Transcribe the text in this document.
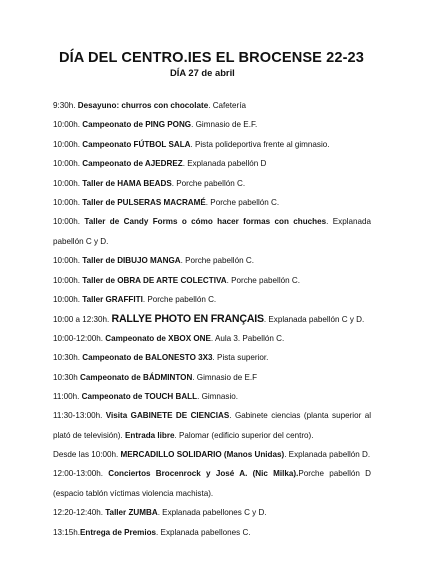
DÍA DEL CENTRO.IES EL BROCENSE 22-23
DÍA 27 de abril

9:30h. Desayuno: churros con chocolate. Cafetería

10:00h. Campeonato de PING PONG. Gimnasio de E.F.

10:00h. Campeonato FÚTBOL SALA. Pista polideportiva frente al gimnasio.

10:00h. Campeonato de AJEDREZ. Explanada pabellón D

10:00h. Taller de HAMA BEADS. Porche pabellón C.

10:00h. Taller de PULSERAS MACRAMÉ. Porche pabellón C.

10:00h. Taller de Candy Forms o cómo hacer formas con chuches. Explanada pabellón C y D.

10:00h. Taller de DIBUJO MANGA. Porche pabellón C.

10:00h. Taller de OBRA DE ARTE COLECTIVA. Porche pabellón C.

10:00h. Taller GRAFFITI. Porche pabellón C.

10:00 a 12:30h. RALLYE PHOTO EN FRANÇAIS. Explanada pabellón C y D.

10:00-12:00h. Campeonato de XBOX ONE. Aula 3. Pabellón C.

10:30h. Campeonato de BALONESTO 3X3. Pista superior.

10:30h Campeonato de BÁDMINTON. Gimnasio de E.F

11:00h. Campeonato de TOUCH BALL. Gimnasio.

11:30-13:00h. Visita GABINETE DE CIENCIAS. Gabinete ciencias (planta superior al plató de televisión). Entrada libre. Palomar (edificio superior del centro).

Desde las 10:00h. MERCADILLO SOLIDARIO (Manos Unidas). Explanada pabellón D.

12:00-13:00h. Conciertos Brocenrock y José A. (Nic Milka).Porche pabellón D (espacio tablón víctimas violencia machista).

12:20-12:40h. Taller ZUMBA. Explanada pabellones C y D.

13:15h.Entrega de Premios. Explanada pabellones C.
